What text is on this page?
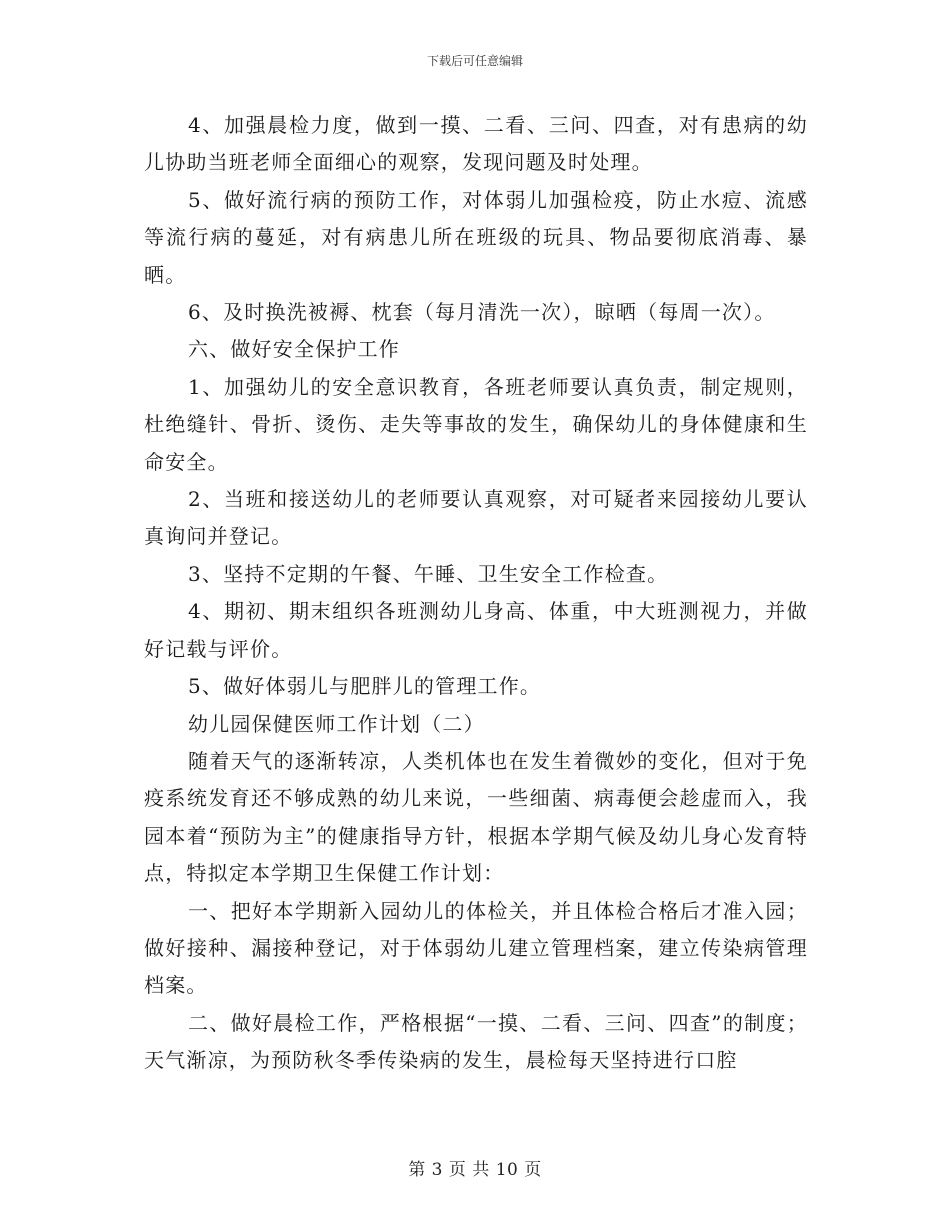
下载后可任意编辑

4、加强晨检力度，做到一摸、二看、三问、四查，对有患病的幼儿协助当班老师全面细心的观察，发现问题及时处理。

5、做好流行病的预防工作，对体弱儿加强检疫，防止水痘、流感等流行病的蔓延，对有病患儿所在班级的玩具、物品要彻底消毒、暴晒。

6、及时换洗被褥、枕套（每月清洗一次），晾晒（每周一次）。

六、做好安全保护工作

1、加强幼儿的安全意识教育，各班老师要认真负责，制定规则，杜绝缝针、骨折、烫伤、走失等事故的发生，确保幼儿的身体健康和生命安全。

2、当班和接送幼儿的老师要认真观察，对可疑者来园接幼儿要认真询问并登记。

3、坚持不定期的午餐、午睡、卫生安全工作检查。

4、期初、期末组织各班测幼儿身高、体重，中大班测视力，并做好记载与评价。

5、做好体弱儿与肥胖儿的管理工作。

幼儿园保健医师工作计划（二）

随着天气的逐渐转凉，人类机体也在发生着微妙的变化，但对于免疫系统发育还不够成熟的幼儿来说，一些细菌、病毒便会趁虚而入，我园本着“预防为主”的健康指导方针，根据本学期气候及幼儿身心发育特点，特拟定本学期卫生保健工作计划：

一、把好本学期新入园幼儿的体检关，并且体检合格后才准入园；做好接种、漏接种登记，对于体弱幼儿建立管理档案，建立传染病管理档案。

二、做好晨检工作，严格根据“一摸、二看、三问、四查”的制度；天气渐凉，为预防秋冬季传染病的发生，晨检每天坚持进行口腔

第 3 页 共 10 页
